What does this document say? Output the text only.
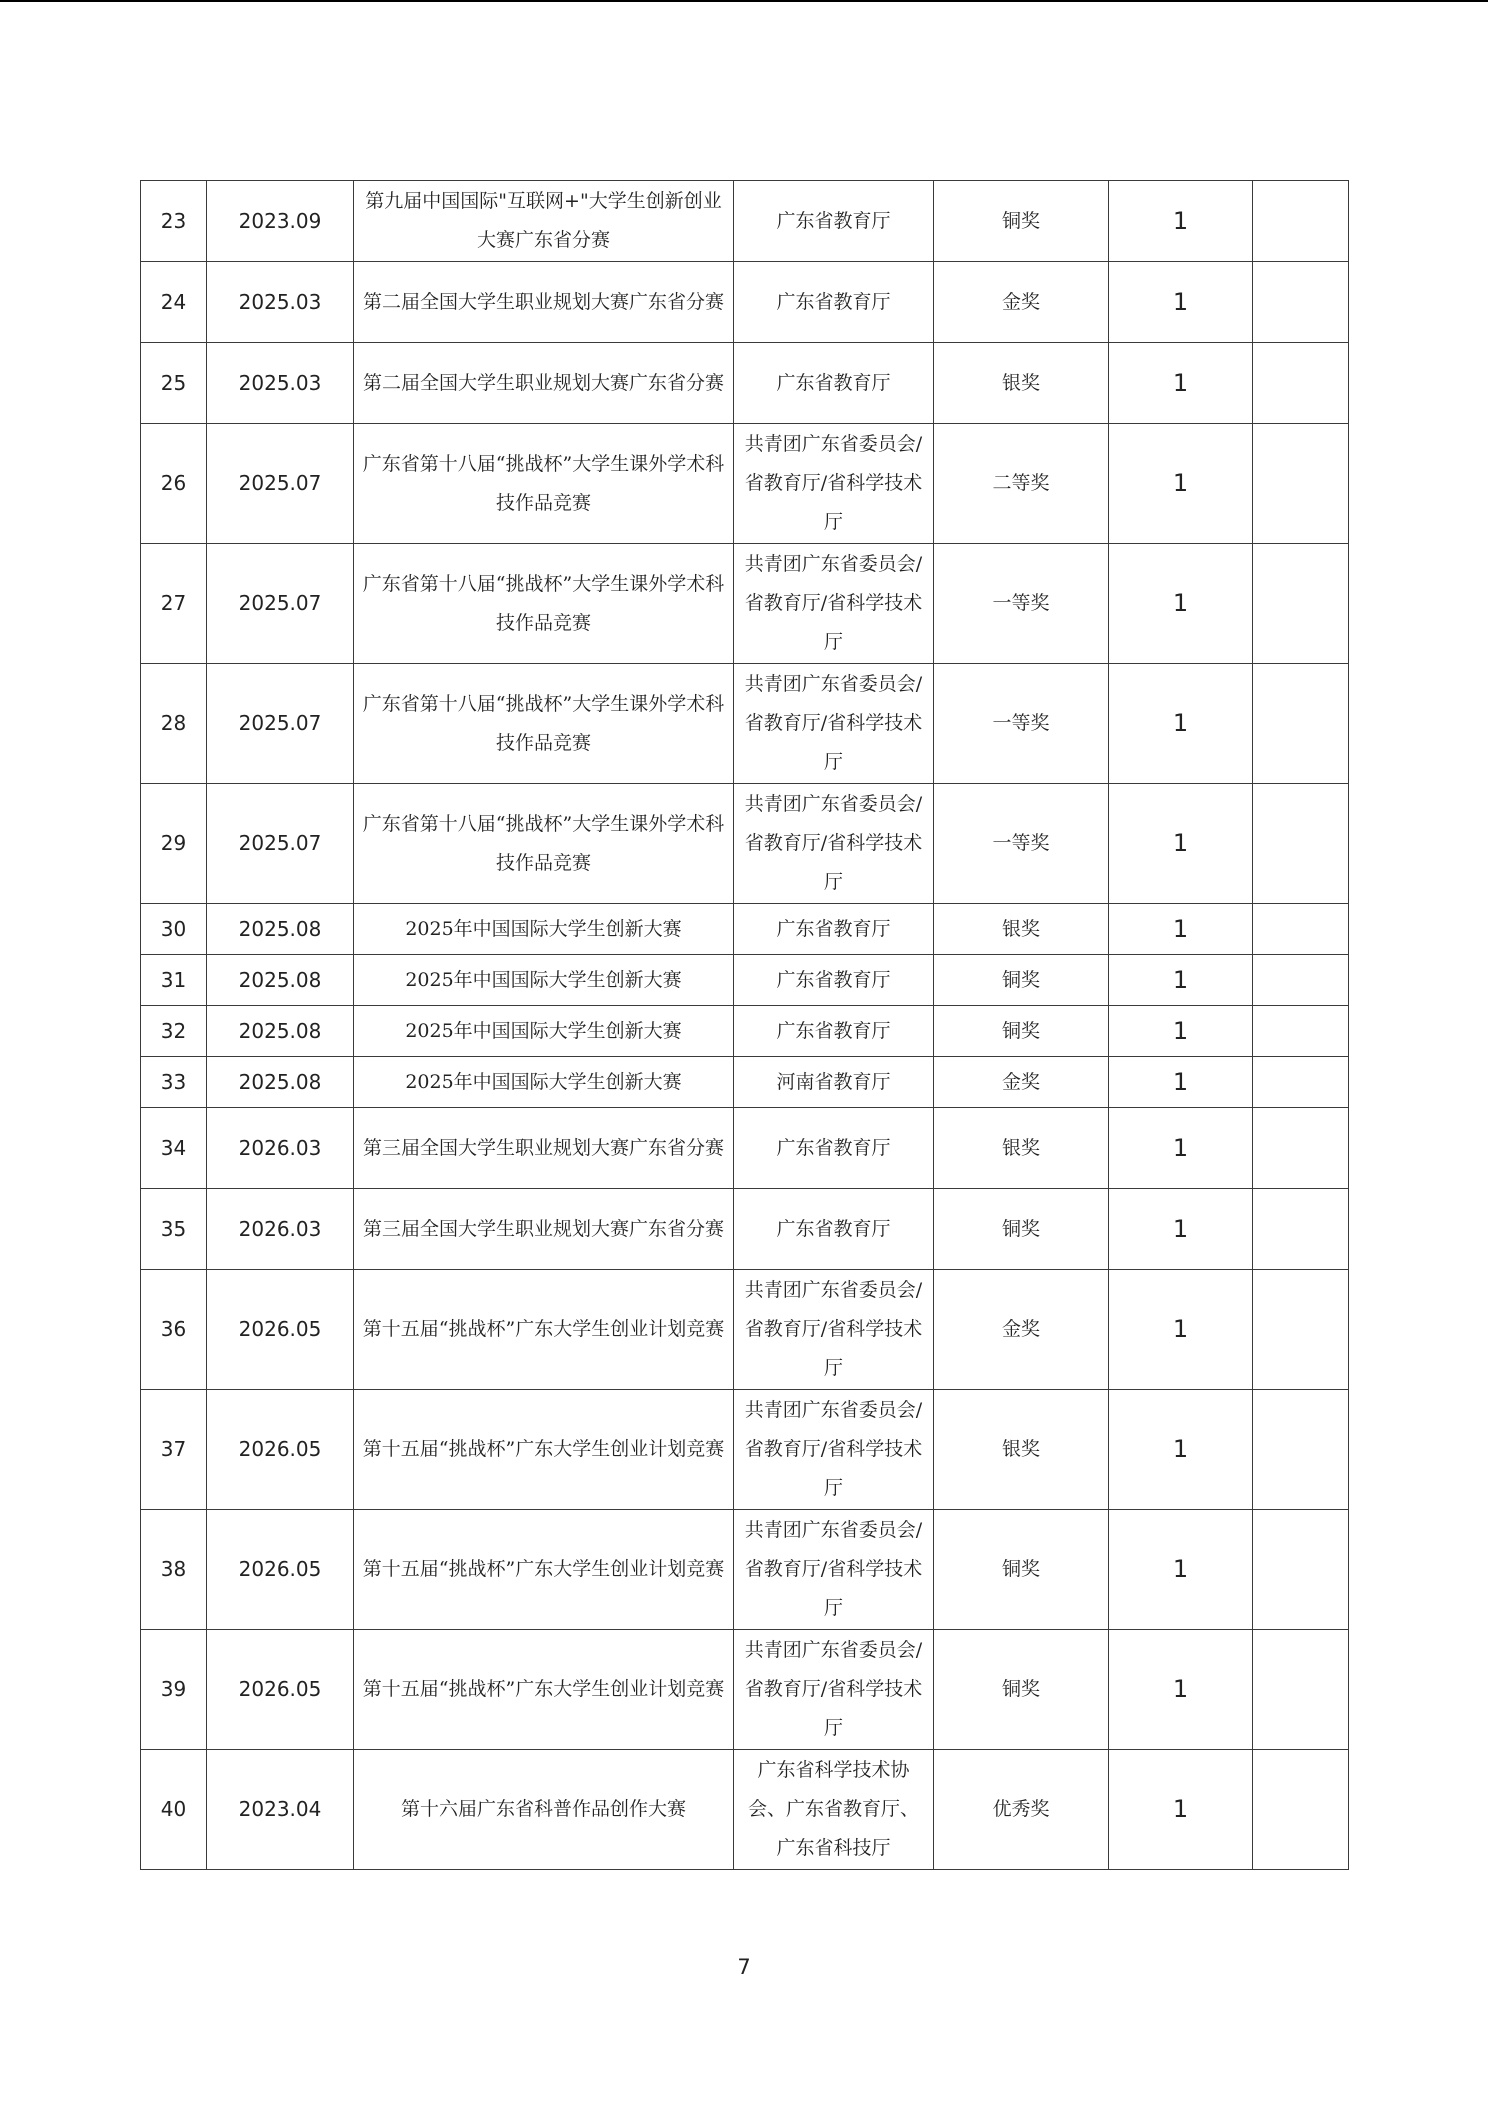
23	2023.09	第九届中国国际"互联网+"大学生创新创业大赛广东省分赛	广东省教育厅	铜奖	1	
24	2025.03	第二届全国大学生职业规划大赛广东省分赛	广东省教育厅	金奖	1	
25	2025.03	第二届全国大学生职业规划大赛广东省分赛	广东省教育厅	银奖	1	
26	2025.07	广东省第十八届“挑战杯”大学生课外学术科技作品竞赛	共青团广东省委员会/省教育厅/省科学技术厅	二等奖	1	
27	2025.07	广东省第十八届“挑战杯”大学生课外学术科技作品竞赛	共青团广东省委员会/省教育厅/省科学技术厅	一等奖	1	
28	2025.07	广东省第十八届“挑战杯”大学生课外学术科技作品竞赛	共青团广东省委员会/省教育厅/省科学技术厅	一等奖	1	
29	2025.07	广东省第十八届“挑战杯”大学生课外学术科技作品竞赛	共青团广东省委员会/省教育厅/省科学技术厅	一等奖	1	
30	2025.08	2025年中国国际大学生创新大赛	广东省教育厅	银奖	1	
31	2025.08	2025年中国国际大学生创新大赛	广东省教育厅	铜奖	1	
32	2025.08	2025年中国国际大学生创新大赛	广东省教育厅	铜奖	1	
33	2025.08	2025年中国国际大学生创新大赛	河南省教育厅	金奖	1	
34	2026.03	第三届全国大学生职业规划大赛广东省分赛	广东省教育厅	银奖	1	
35	2026.03	第三届全国大学生职业规划大赛广东省分赛	广东省教育厅	铜奖	1	
36	2026.05	第十五届“挑战杯”广东大学生创业计划竞赛	共青团广东省委员会/省教育厅/省科学技术厅	金奖	1	
37	2026.05	第十五届“挑战杯”广东大学生创业计划竞赛	共青团广东省委员会/省教育厅/省科学技术厅	银奖	1	
38	2026.05	第十五届“挑战杯”广东大学生创业计划竞赛	共青团广东省委员会/省教育厅/省科学技术厅	铜奖	1	
39	2026.05	第十五届“挑战杯”广东大学生创业计划竞赛	共青团广东省委员会/省教育厅/省科学技术厅	铜奖	1	
40	2023.04	第十六届广东省科普作品创作大赛	广东省科学技术协会、广东省教育厅、广东省科技厅	优秀奖	1	
7
